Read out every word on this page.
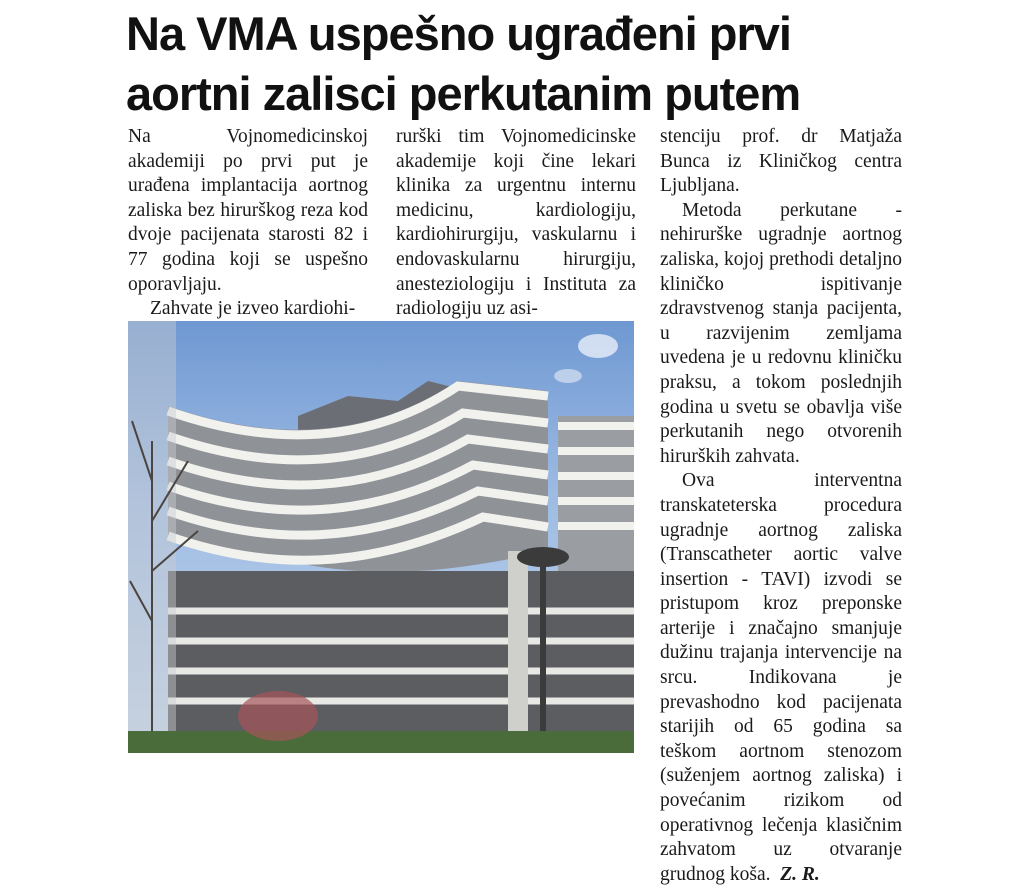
Na VMA uspešno ugrađeni prvi
aortni zalisci perkutanim putem

Na Vojnomedicinskoj akademiji po prvi put je urađena implantacija aortnog zaliska bez hirurškog reza kod dvoje pacijenata starosti 82 i 77 godina koji se uspešno oporavljaju.

Zahvate je izveo kardiohi-

rurški tim Vojnomedicinske akademije koji čine lekari klinika za urgentnu internu medicinu, kardiologiju, kardiohirurgiju, vaskularnu i endovaskularnu hirurgiju, anesteziologiju i Instituta za radiologiju uz asi-

stenciju prof. dr Matjaža Bunca iz Kliničkog centra Ljubljana.

Metoda perkutane - nehirurške ugradnje aortnog zaliska, kojoj prethodi detaljno kliničko ispitivanje zdravstvenog stanja pacijenta, u razvijenim zemljama uvedena je u redovnu kliničku praksu, a tokom poslednjih godina u svetu se obavlja više perkutanih nego otvorenih hirurških zahvata.

Ova interventna transkateterska procedura ugradnje aortnog zaliska (Transcatheter aortic valve insertion - TAVI) izvodi se pristupom kroz preponske arterije i značajno smanjuje dužinu trajanja intervencije na srcu. Indikovana je prevashodno kod pacijenata starijih od 65 godina sa teškom aortnom stenozom (suženjem aortnog zaliska) i povećanim rizikom od operativnog lečenja klasičnim zahvatom uz otvaranje grudnog koša. Z. R.
